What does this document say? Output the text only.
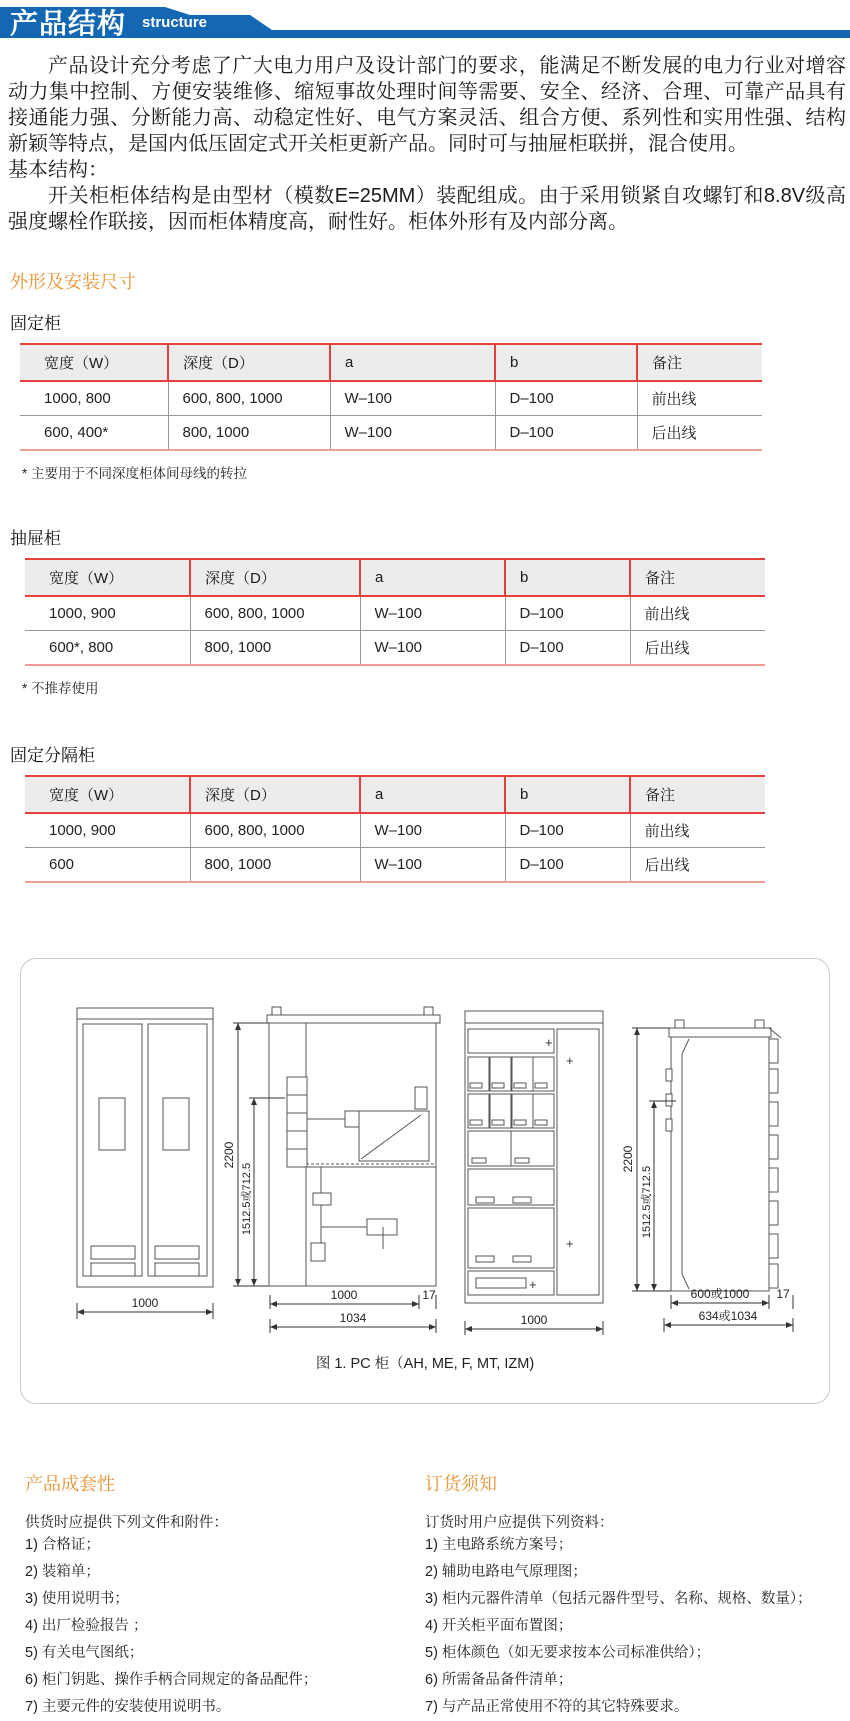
产品结构 structure

产品设计充分考虑了广大电力用户及设计部门的要求，能满足不断发展的电力行业对增容动力集中控制、方便安装维修、缩短事故处理时间等需要、安全、经济、合理、可靠产品具有接通能力强、分断能力高、动稳定性好、电气方案灵活、组合方便、系列性和实用性强、结构新颖等特点，是国内低压固定式开关柜更新产品。同时可与抽屉柜联拼，混合使用。

基本结构：

开关柜柜体结构是由型材（模数E=25MM）装配组成。由于采用锁紧自攻螺钉和8.8V级高强度螺栓作联接，因而柜体精度高，耐性好。柜体外形有及内部分离。

外形及安装尺寸
固定柜
宽度（W）	深度（D）	a	b	备注
1000, 800	600, 800, 1000	W–100	D–100	前出线
600, 400*	800, 1000	W–100	D–100	后出线
* 主要用于不同深度柜体间母线的转拉
抽屉柜
宽度（W）	深度（D）	a	b	备注
1000, 900	600, 800, 1000	W–100	D–100	前出线
600*, 800	800, 1000	W–100	D–100	后出线
* 不推荐使用
固定分隔柜
宽度（W）	深度（D）	a	b	备注
1000, 900	600, 800, 1000	W–100	D–100	前出线
600	800, 1000	W–100	D–100	后出线
1000
2200
1512.5或712.5
1000	17
1034
+
+
+
+
1000
2200
1512.5或712.5
600或1000 17
634或1034
图 1. PC 柜（AH, ME, F, MT, IZM)
产品成套性
供货时应提供下列文件和附件：
1) 合格证；
2) 装箱单；
3) 使用说明书；
4) 出厂检验报告 ；
5) 有关电气图纸；
6) 柜门钥匙、操作手柄合同规定的备品配件；
7) 主要元件的安装使用说明书。
订货须知
订货时用户应提供下列资料：
1) 主电路系统方案号；
2) 辅助电路电气原理图；
3) 柜内元器件清单（包括元器件型号、名称、规格、数量）；
4) 开关柜平面布置图；
5) 柜体颜色（如无要求按本公司标准供给）；
6) 所需备品备件清单；
7) 与产品正常使用不符的其它特殊要求。
